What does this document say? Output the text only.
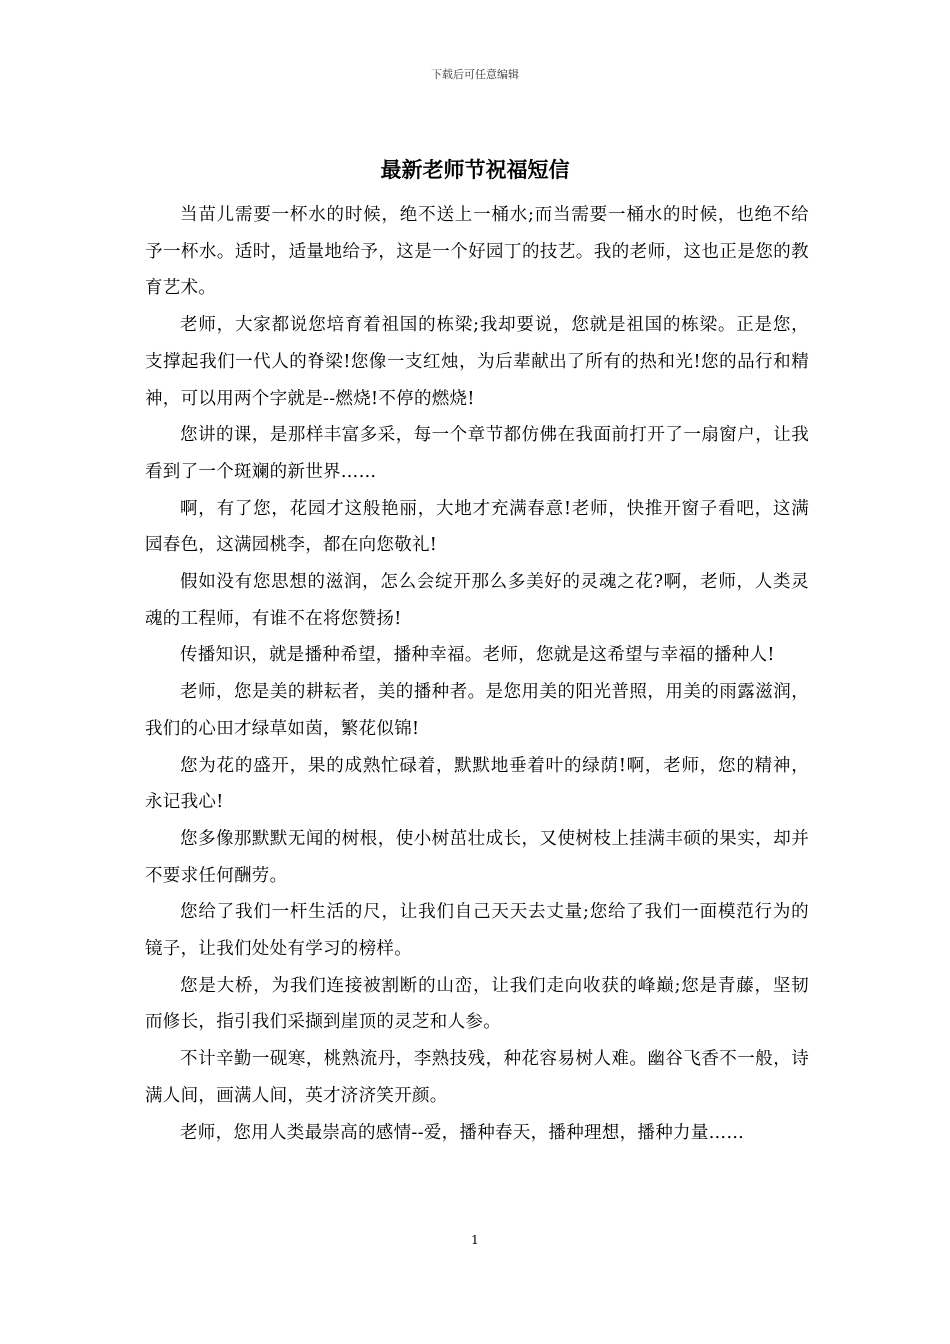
下载后可任意编辑
最新老师节祝福短信

当苗儿需要一杯水的时候，绝不送上一桶水;而当需要一桶水的时候，也绝不给予一杯水。适时，适量地给予，这是一个好园丁的技艺。我的老师，这也正是您的教育艺术。

老师，大家都说您培育着祖国的栋梁;我却要说，您就是祖国的栋梁。正是您，支撑起我们一代人的脊梁!您像一支红烛，为后辈献出了所有的热和光!您的品行和精神，可以用两个字就是--燃烧!不停的燃烧!

您讲的课，是那样丰富多采，每一个章节都仿佛在我面前打开了一扇窗户，让我看到了一个斑斓的新世界……

啊，有了您，花园才这般艳丽，大地才充满春意!老师，快推开窗子看吧，这满园春色，这满园桃李，都在向您敬礼!

假如没有您思想的滋润，怎么会绽开那么多美好的灵魂之花?啊，老师，人类灵魂的工程师，有谁不在将您赞扬!

传播知识，就是播种希望，播种幸福。老师，您就是这希望与幸福的播种人!

老师，您是美的耕耘者，美的播种者。是您用美的阳光普照，用美的雨露滋润，我们的心田才绿草如茵，繁花似锦!

您为花的盛开，果的成熟忙碌着，默默地垂着叶的绿荫!啊，老师，您的精神，永记我心!

您多像那默默无闻的树根，使小树茁壮成长，又使树枝上挂满丰硕的果实，却并不要求任何酬劳。

您给了我们一杆生活的尺，让我们自己天天去丈量;您给了我们一面模范行为的镜子，让我们处处有学习的榜样。

您是大桥，为我们连接被割断的山峦，让我们走向收获的峰巅;您是青藤，坚韧而修长，指引我们采撷到崖顶的灵芝和人参。

不计辛勤一砚寒，桃熟流丹，李熟技残，种花容易树人难。幽谷飞香不一般，诗满人间，画满人间，英才济济笑开颜。

老师，您用人类最崇高的感情--爱，播种春天，播种理想，播种力量……

1
